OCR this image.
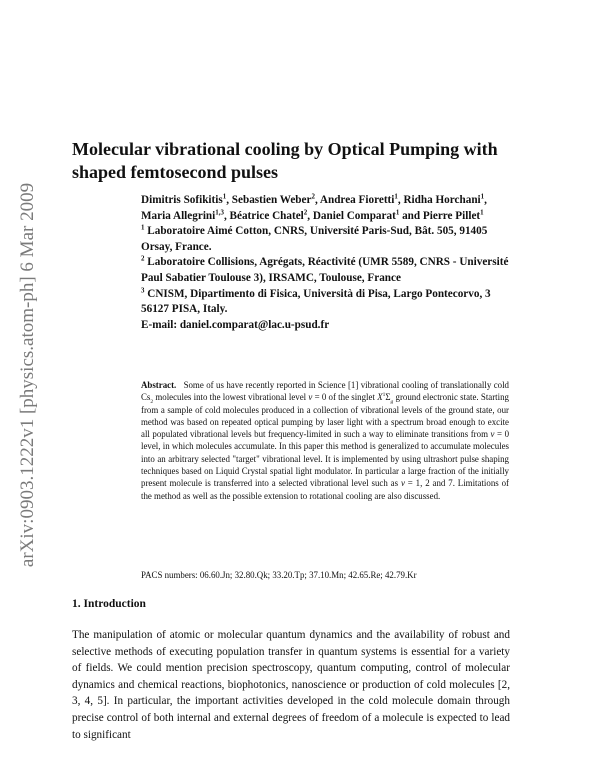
arXiv:0903.1222v1 [physics.atom-ph] 6 Mar 2009
Molecular vibrational cooling by Optical Pumping with shaped femtosecond pulses

Dimitris Sofikitis$^1$, Sebastien Weber$^2$, Andrea Fioretti$^1$, Ridha Horchani$^1$, Maria Allegrini$^{1,3}$, Béatrice Chatel$^2$, Daniel Comparat$^1$ and Pierre Pillet$^1$

$^1$ Laboratoire Aimé Cotton, CNRS, Université Paris-Sud, Bât. 505, 91405 Orsay, France.

$^2$ Laboratoire Collisions, Agrégats, Réactivité (UMR 5589, CNRS - Université Paul Sabatier Toulouse 3), IRSAMC, Toulouse, France

$^3$ CNISM, Dipartimento di Fisica, Università di Pisa, Largo Pontecorvo, 3 56127 PISA, Italy.

E-mail: daniel.comparat@lac.u-psud.fr

Abstract. Some of us have recently reported in Science [1] vibrational cooling of translationally cold $Cs_2$ molecules into the lowest vibrational level v = 0 of the singlet $X^1\Sigma_g$ ground electronic state. Starting from a sample of cold molecules produced in a collection of vibrational levels of the ground state, our method was based on repeated optical pumping by laser light with a spectrum broad enough to excite all populated vibrational levels but frequency-limited in such a way to eliminate transitions from v = 0 level, in which molecules accumulate. In this paper this method is generalized to accumulate molecules into an arbitrary selected "target" vibrational level. It is implemented by using ultrashort pulse shaping techniques based on Liquid Crystal spatial light modulator. In particular a large fraction of the initially present molecule is transferred into a selected vibrational level such as v = 1, 2 and 7. Limitations of the method as well as the possible extension to rotational cooling are also discussed.

PACS numbers: 06.60.Jn; 32.80.Qk; 33.20.Tp; 37.10.Mn; 42.65.Re; 42.79.Kr

1. Introduction

The manipulation of atomic or molecular quantum dynamics and the availability of robust and selective methods of executing population transfer in quantum systems is essential for a variety of fields. We could mention precision spectroscopy, quantum computing, control of molecular dynamics and chemical reactions, biophotonics, nanoscience or production of cold molecules [2, 3, 4, 5]. In particular, the important activities developed in the cold molecule domain through precise control of both internal and external degrees of freedom of a molecule is expected to lead to significant
